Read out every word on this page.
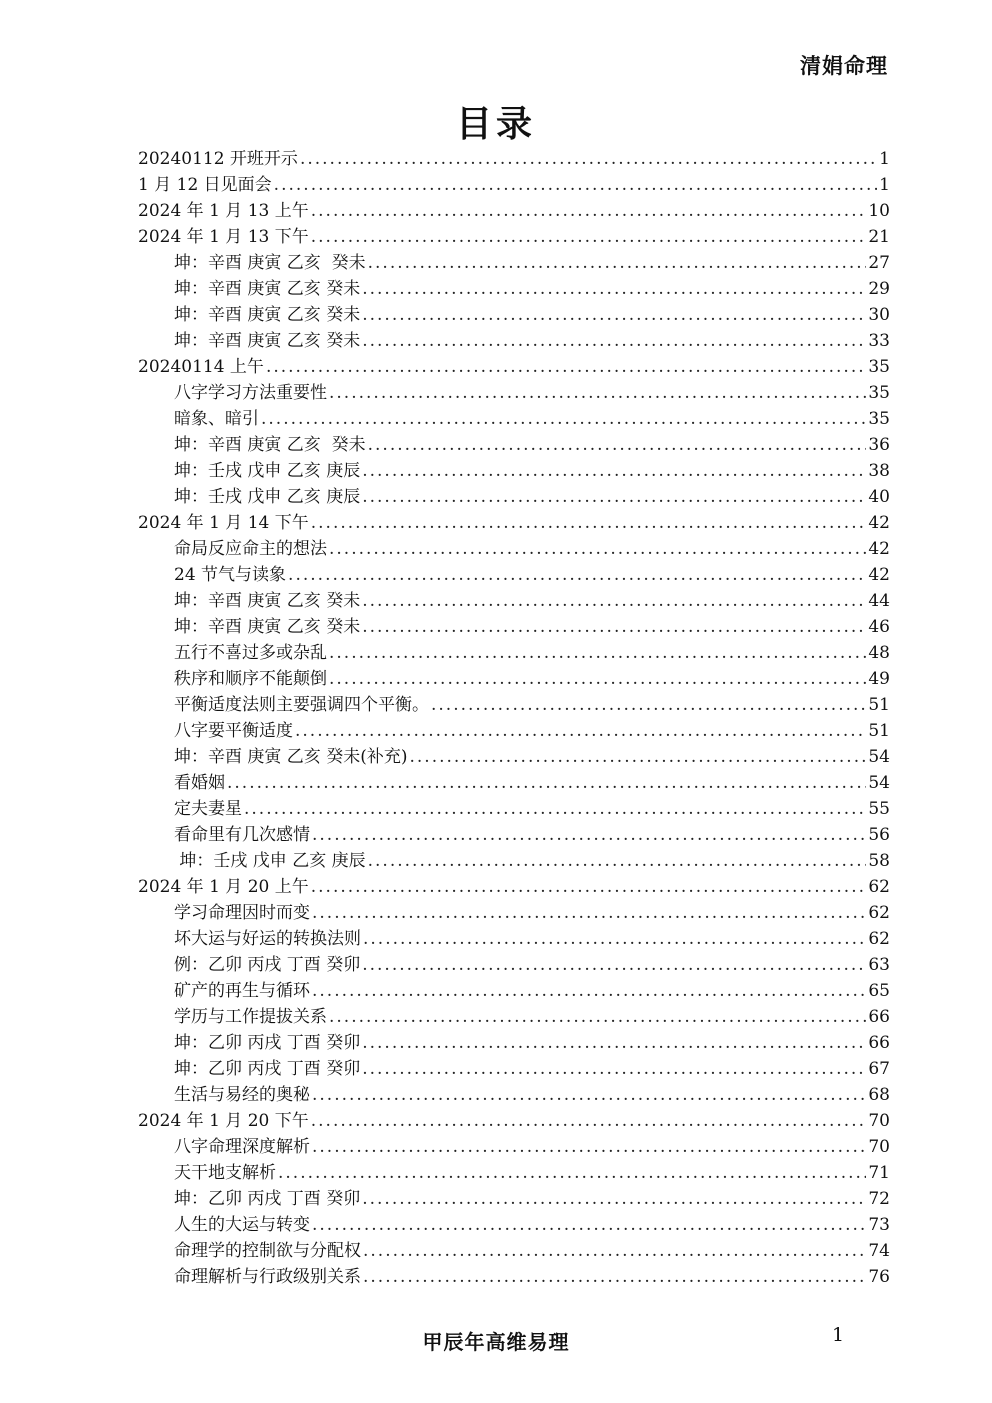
清娟命理
目录
20240112 开班开示 .....	1
1 月 12 日见面会 .....	1
2024 年 1 月 13 上午 .....	10
2024 年 1 月 13 下午 .....	21
坤：辛酉 庚寅 乙亥  癸未 .....	27
坤：辛酉 庚寅 乙亥 癸未 .....	29
坤：辛酉 庚寅 乙亥 癸未 .....	30
坤：辛酉 庚寅 乙亥 癸未 .....	33
20240114 上午 .....	35
八字学习方法重要性 .....	35
暗象、暗引 .....	35
坤：辛酉 庚寅 乙亥  癸未 .....	36
坤：壬戌 戊申 乙亥 庚辰 .....	38
坤：壬戌 戊申 乙亥 庚辰 .....	40
2024 年 1 月 14 下午 .....	42
命局反应命主的想法 .....	42
24 节气与读象 .....	42
坤：辛酉 庚寅 乙亥 癸未 .....	44
坤：辛酉 庚寅 乙亥 癸未 .....	46
五行不喜过多或杂乱 .....	48
秩序和顺序不能颠倒 .....	49
平衡适度法则主要强调四个平衡。 .....	51
八字要平衡适度 .....	51
坤：辛酉 庚寅 乙亥 癸未(补充) .....	54
看婚姻 .....	54
定夫妻星 .....	55
看命里有几次感情 .....	56
坤：壬戌 戊申 乙亥 庚辰 .....	58
2024 年 1 月 20 上午 .....	62
学习命理因时而变 .....	62
坏大运与好运的转换法则 .....	62
例：乙卯 丙戌 丁酉 癸卯 .....	63
矿产的再生与循环 .....	65
学历与工作提拔关系 .....	66
坤：乙卯 丙戌 丁酉 癸卯 .....	66
坤：乙卯 丙戌 丁酉 癸卯 .....	67
生活与易经的奥秘 .....	68
2024 年 1 月 20 下午 .....	70
八字命理深度解析 .....	70
天干地支解析 .....	71
坤：乙卯 丙戌 丁酉 癸卯 .....	72
人生的大运与转变 .....	73
命理学的控制欲与分配权 .....	74
命理解析与行政级别关系 .....	76
甲辰年高维易理	1
